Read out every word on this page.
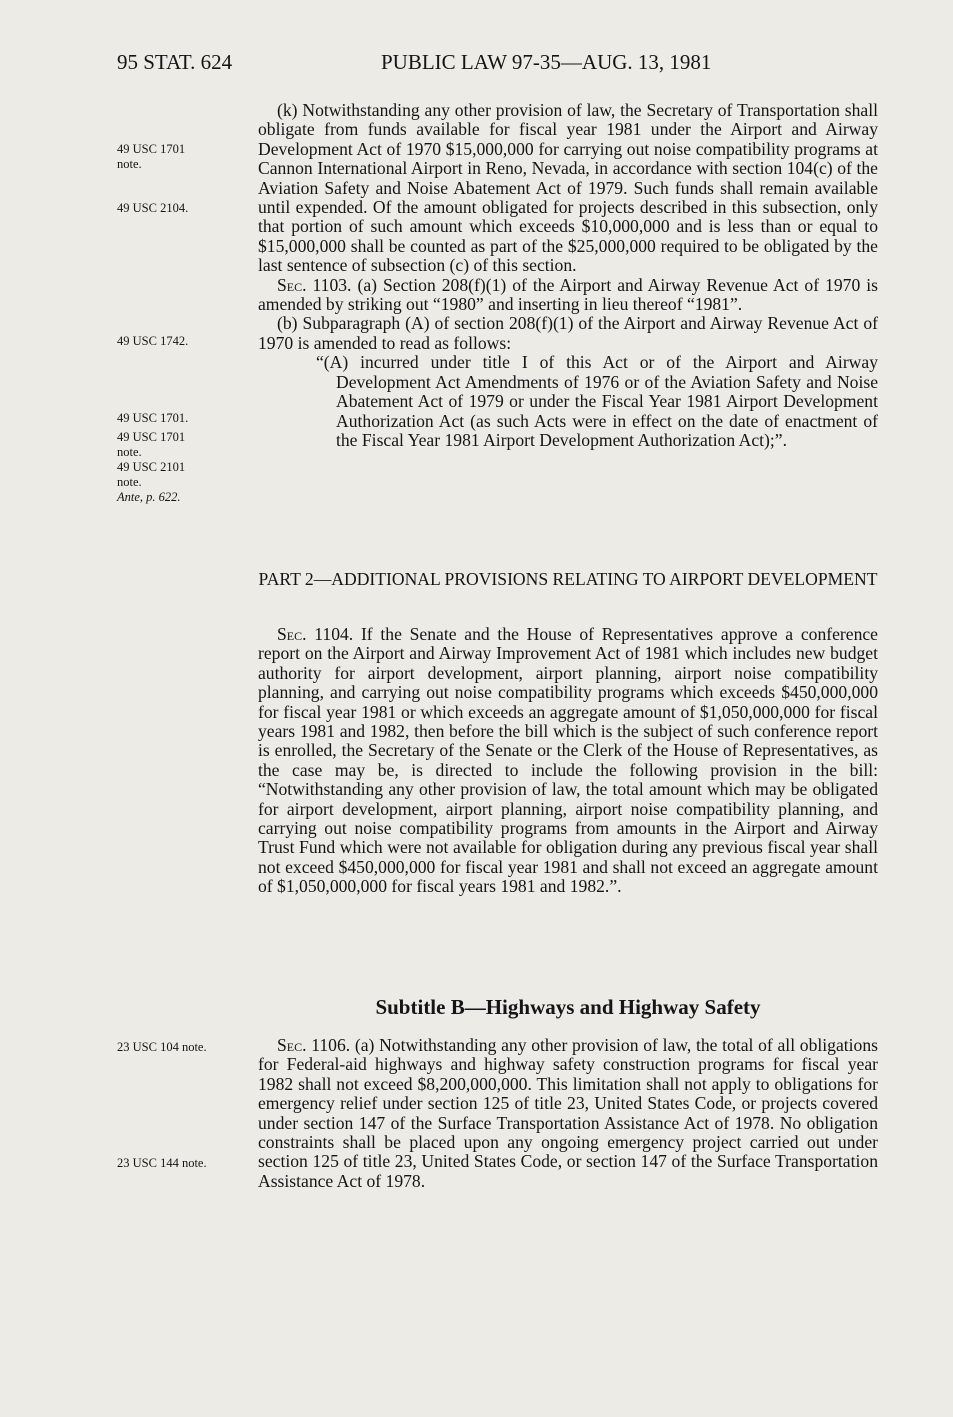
95 STAT. 624	PUBLIC LAW 97-35—AUG. 13, 1981
49 USC 1701
note.
49 USC 2104.
49 USC 1742.
49 USC 1701.
49 USC 1701
note.
49 USC 2101
note.
Ante, p. 622.
23 USC 104 note.
23 USC 144 note.

(k) Notwithstanding any other provision of law, the Secretary of Transportation shall obligate from funds available for fiscal year 1981 under the Airport and Airway Development Act of 1970 $15,000,000 for carrying out noise compatibility programs at Cannon International Airport in Reno, Nevada, in accordance with section 104(c) of the Aviation Safety and Noise Abatement Act of 1979. Such funds shall remain available until expended. Of the amount obligated for projects described in this subsection, only that portion of such amount which exceeds $10,000,000 and is less than or equal to $15,000,000 shall be counted as part of the $25,000,000 required to be obligated by the last sentence of subsection (c) of this section.

Sec. 1103. (a) Section 208(f)(1) of the Airport and Airway Revenue Act of 1970 is amended by striking out “1980” and inserting in lieu thereof “1981”.

(b) Subparagraph (A) of section 208(f)(1) of the Airport and Airway Revenue Act of 1970 is amended to read as follows:

“(A) incurred under title I of this Act or of the Airport and Airway Development Act Amendments of 1976 or of the Aviation Safety and Noise Abatement Act of 1979 or under the Fiscal Year 1981 Airport Development Authorization Act (as such Acts were in effect on the date of enactment of the Fiscal Year 1981 Airport Development Authorization Act);”.

PART 2—ADDITIONAL PROVISIONS RELATING TO AIRPORT DEVELOPMENT

Sec. 1104. If the Senate and the House of Representatives approve a conference report on the Airport and Airway Improvement Act of 1981 which includes new budget authority for airport development, airport planning, airport noise compatibility planning, and carrying out noise compatibility programs which exceeds $450,000,000 for fiscal year 1981 or which exceeds an aggregate amount of $1,050,000,000 for fiscal years 1981 and 1982, then before the bill which is the subject of such conference report is enrolled, the Secretary of the Senate or the Clerk of the House of Representatives, as the case may be, is directed to include the following provision in the bill: “Notwithstanding any other provision of law, the total amount which may be obligated for airport development, airport planning, airport noise compatibility planning, and carrying out noise compatibility programs from amounts in the Airport and Airway Trust Fund which were not available for obligation during any previous fiscal year shall not exceed $450,000,000 for fiscal year 1981 and shall not exceed an aggregate amount of $1,050,000,000 for fiscal years 1981 and 1982.”.

Subtitle B—Highways and Highway Safety

Sec. 1106. (a) Notwithstanding any other provision of law, the total of all obligations for Federal-aid highways and highway safety construction programs for fiscal year 1982 shall not exceed $8,200,000,000. This limitation shall not apply to obligations for emergency relief under section 125 of title 23, United States Code, or projects covered under section 147 of the Surface Transportation Assistance Act of 1978. No obligation constraints shall be placed upon any ongoing emergency project carried out under section 125 of title 23, United States Code, or section 147 of the Surface Transportation Assistance Act of 1978.
